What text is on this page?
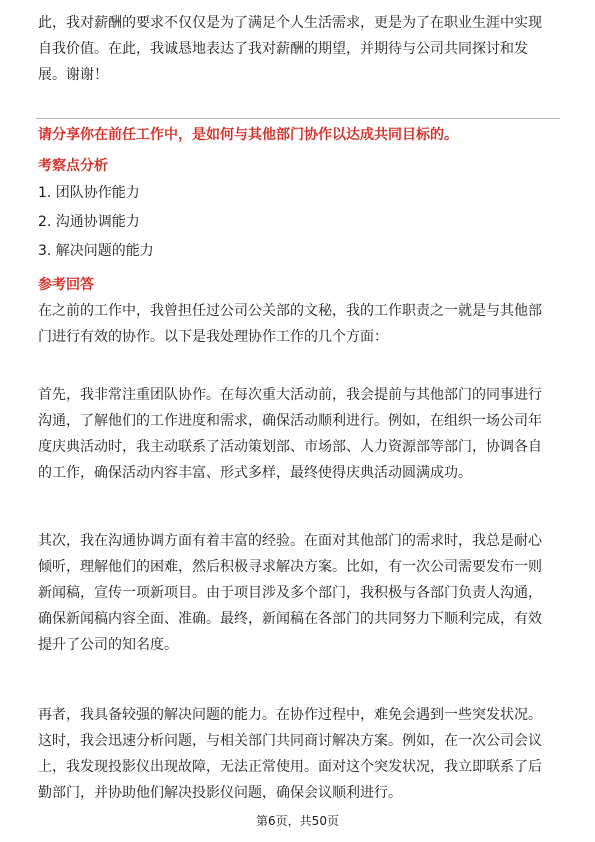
此，我对薪酬的要求不仅仅是为了满足个人生活需求，更是为了在职业生涯中实现
自我价值。在此，我诚恳地表达了我对薪酬的期望，并期待与公司共同探讨和发
展。谢谢！
请分享你在前任工作中，是如何与其他部门协作以达成共同目标的。
考察点分析
1. 团队协作能力
2. 沟通协调能力
3. 解决问题的能力
参考回答
在之前的工作中，我曾担任过公司公关部的文秘，我的工作职责之一就是与其他部
门进行有效的协作。以下是我处理协作工作的几个方面：
首先，我非常注重团队协作。在每次重大活动前，我会提前与其他部门的同事进行
沟通，了解他们的工作进度和需求，确保活动顺利进行。例如，在组织一场公司年
度庆典活动时，我主动联系了活动策划部、市场部、人力资源部等部门，协调各自
的工作，确保活动内容丰富、形式多样，最终使得庆典活动圆满成功。
其次，我在沟通协调方面有着丰富的经验。在面对其他部门的需求时，我总是耐心
倾听，理解他们的困难，然后积极寻求解决方案。比如，有一次公司需要发布一则
新闻稿，宣传一项新项目。由于项目涉及多个部门，我积极与各部门负责人沟通，
确保新闻稿内容全面、准确。最终，新闻稿在各部门的共同努力下顺利完成，有效
提升了公司的知名度。
再者，我具备较强的解决问题的能力。在协作过程中，难免会遇到一些突发状况。
这时，我会迅速分析问题，与相关部门共同商讨解决方案。例如，在一次公司会议
上，我发现投影仪出现故障，无法正常使用。面对这个突发状况，我立即联系了后
勤部门，并协助他们解决投影仪问题，确保会议顺利进行。
第6页，共50页
